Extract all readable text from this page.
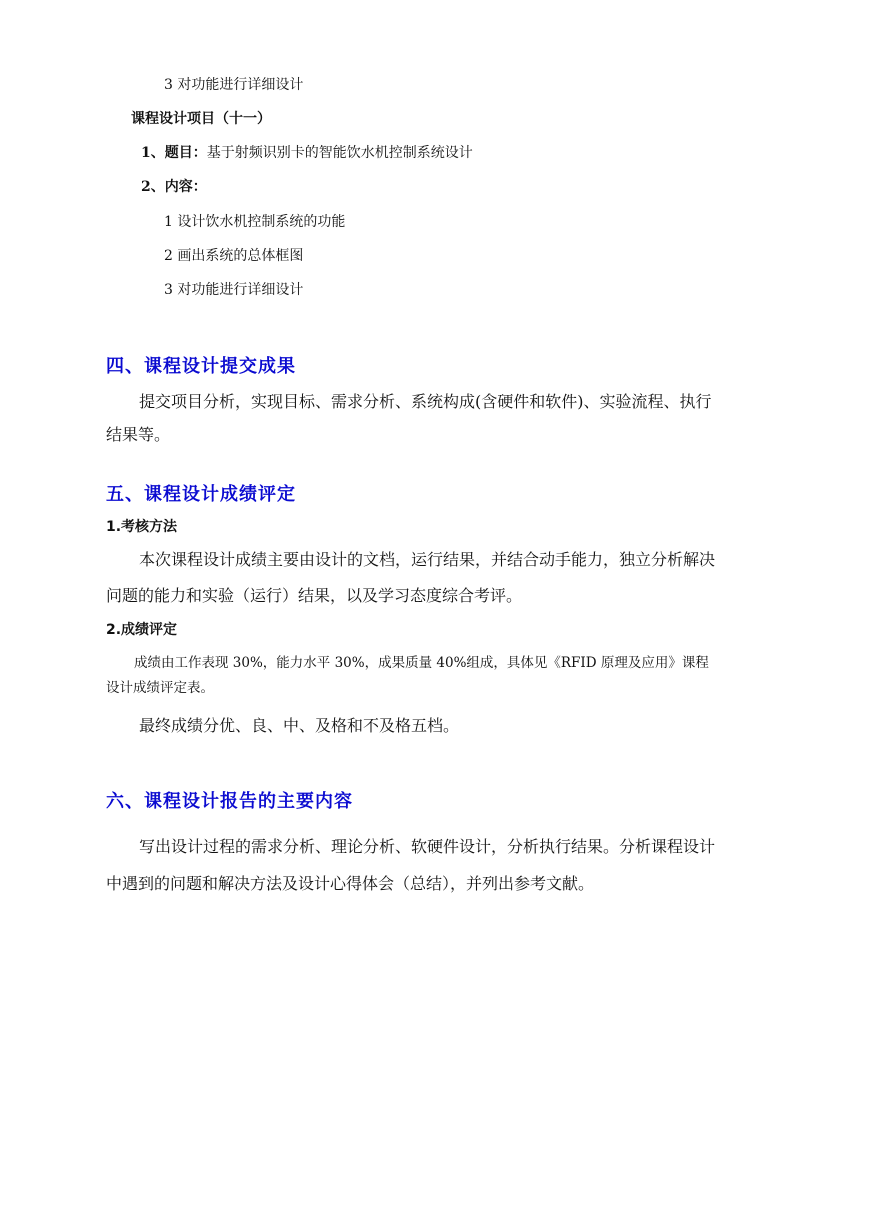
3 对功能进行详细设计
课程设计项目（十一）
1、题目：基于射频识别卡的智能饮水机控制系统设计
2、内容：
1 设计饮水机控制系统的功能
2 画出系统的总体框图
3 对功能进行详细设计
四、课程设计提交成果
提交项目分析，实现目标、需求分析、系统构成(含硬件和软件)、实验流程、执行
结果等。
五、课程设计成绩评定
1.考核方法
本次课程设计成绩主要由设计的文档，运行结果，并结合动手能力，独立分析解决
问题的能力和实验（运行）结果，以及学习态度综合考评。
2.成绩评定
成绩由工作表现 30%，能力水平 30%，成果质量 40%组成，具体见《RFID 原理及应用》课程
设计成绩评定表。
最终成绩分优、良、中、及格和不及格五档。
六、课程设计报告的主要内容
写出设计过程的需求分析、理论分析、软硬件设计，分析执行结果。分析课程设计
中遇到的问题和解决方法及设计心得体会（总结），并列出参考文献。
